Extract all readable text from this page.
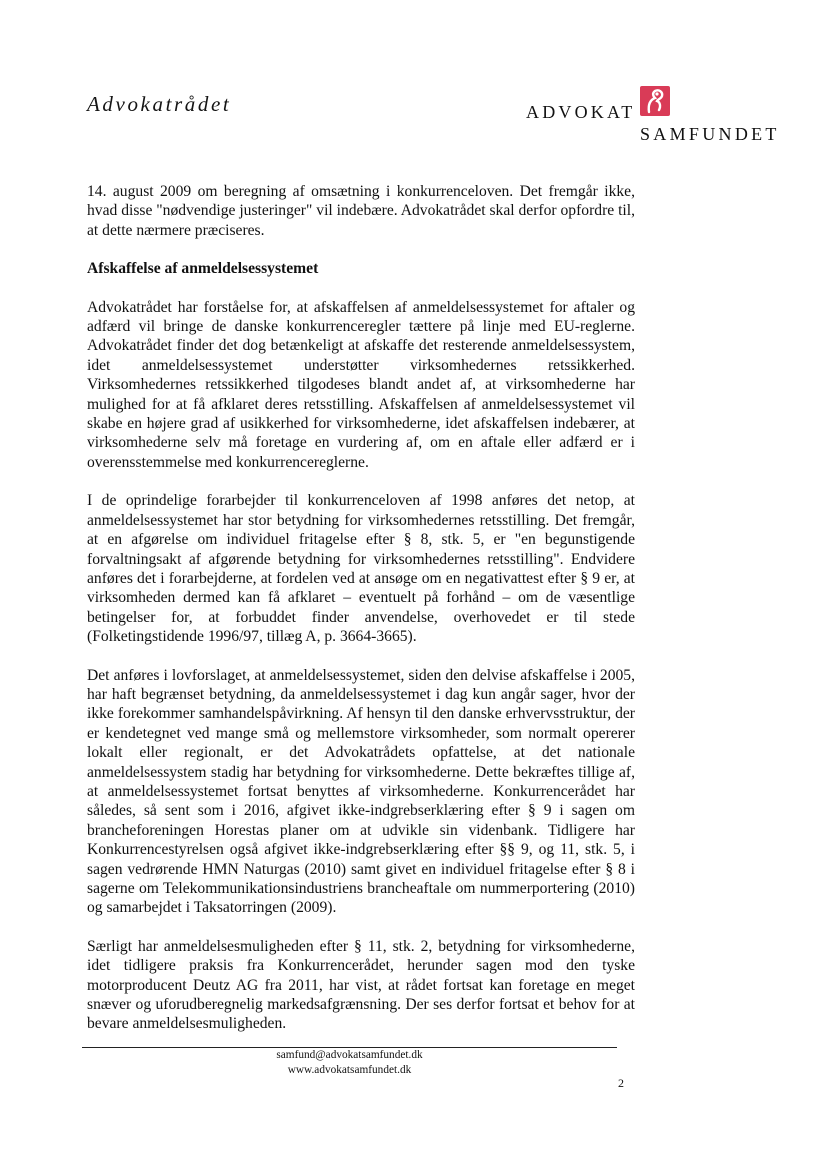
Advokatrådet	ADVOKAT
SAMFUNDET

14. august 2009 om beregning af omsætning i konkurrenceloven. Det fremgår ikke, hvad disse "nødvendige justeringer" vil indebære. Advokatrådet skal derfor opfordre til, at dette nærmere præciseres.

Afskaffelse af anmeldelsessystemet

Advokatrådet har forståelse for, at afskaffelsen af anmeldelsessystemet for aftaler og adfærd vil bringe de danske konkurrenceregler tættere på linje med EU-reglerne. Advokatrådet finder det dog betænkeligt at afskaffe det resterende anmeldelsessystem, idet anmeldelsessystemet understøtter virksomhedernes retssikkerhed. Virksomhedernes retssikkerhed tilgodeses blandt andet af, at virksomhederne har mulighed for at få afklaret deres retsstilling. Afskaffelsen af anmeldelsessystemet vil skabe en højere grad af usikkerhed for virksomhederne, idet afskaffelsen indebærer, at virksomhederne selv må foretage en vurdering af, om en aftale eller adfærd er i overensstemmelse med konkurrencereglerne.

I de oprindelige forarbejder til konkurrenceloven af 1998 anføres det netop, at anmeldelsessystemet har stor betydning for virksomhedernes retsstilling. Det fremgår, at en afgørelse om individuel fritagelse efter § 8, stk. 5, er "en begunstigende forvaltningsakt af afgørende betydning for virksomhedernes retsstilling". Endvidere anføres det i forarbejderne, at fordelen ved at ansøge om en negativattest efter § 9 er, at virksomheden dermed kan få afklaret – eventuelt på forhånd – om de væsentlige betingelser for, at forbuddet finder anvendelse, overhovedet er til stede (Folketingstidende 1996/97, tillæg A, p. 3664-3665).

Det anføres i lovforslaget, at anmeldelsessystemet, siden den delvise afskaffelse i 2005, har haft begrænset betydning, da anmeldelsessystemet i dag kun angår sager, hvor der ikke forekommer samhandelspåvirkning. Af hensyn til den danske erhvervsstruktur, der er kendetegnet ved mange små og mellemstore virksomheder, som normalt opererer lokalt eller regionalt, er det Advokatrådets opfattelse, at det nationale anmeldelsessystem stadig har betydning for virksomhederne. Dette bekræftes tillige af, at anmeldelsessystemet fortsat benyttes af virksomhederne. Konkurrencerådet har således, så sent som i 2016, afgivet ikke-indgrebserklæring efter § 9 i sagen om brancheforeningen Horestas planer om at udvikle sin videnbank. Tidligere har Konkurrencestyrelsen også afgivet ikke-indgrebserklæring efter §§ 9, og 11, stk. 5, i sagen vedrørende HMN Naturgas (2010) samt givet en individuel fritagelse efter § 8 i sagerne om Telekommunikationsindustriens brancheaftale om nummerportering (2010) og samarbejdet i Taksatorringen (2009).

Særligt har anmeldelsesmuligheden efter § 11, stk. 2, betydning for virksomhederne, idet tidligere praksis fra Konkurrencerådet, herunder sagen mod den tyske motorproducent Deutz AG fra 2011, har vist, at rådet fortsat kan foretage en meget snæver og uforudberegnelig markedsafgrænsning. Der ses derfor fortsat et behov for at bevare anmeldelsesmuligheden.

samfund@advokatsamfundet.dk
www.advokatsamfundet.dk
2
